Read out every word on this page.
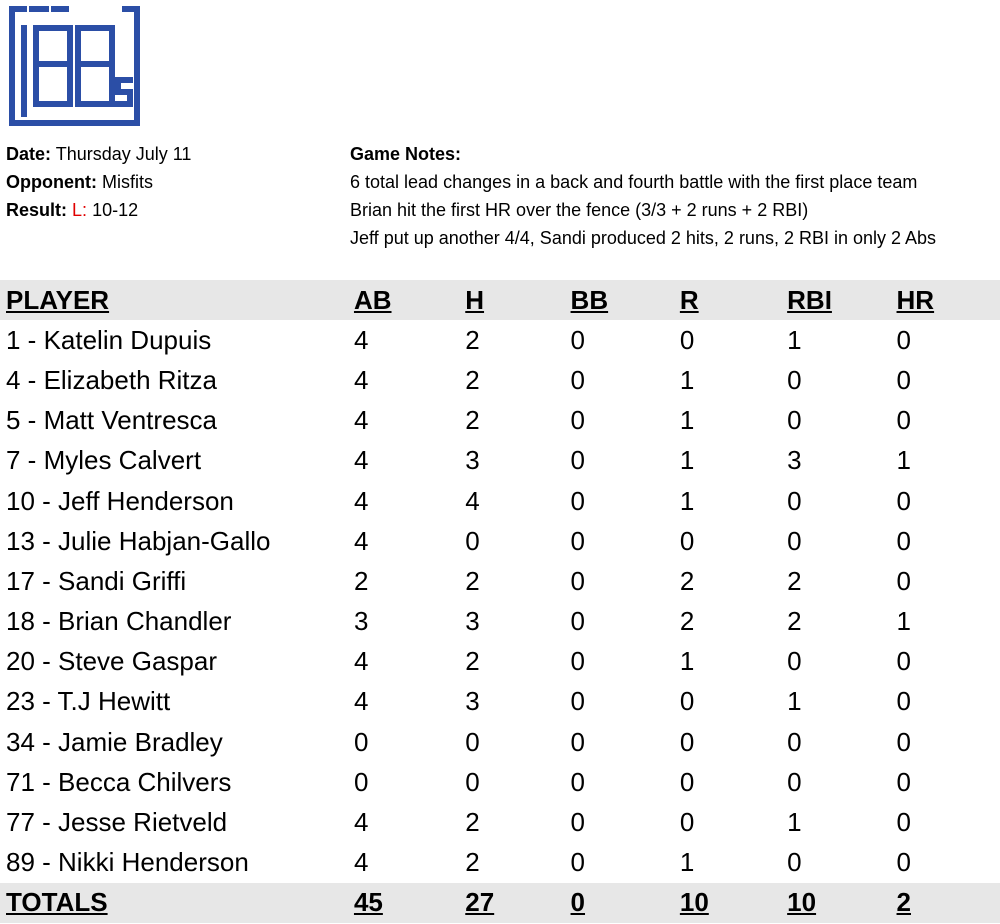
Date: Thursday July 11
Opponent: Misfits
Result: L: 10-12
Game Notes:
6 total lead changes in a back and fourth battle with the first place team
Brian hit the first HR over the fence (3/3 + 2 runs + 2 RBI)
Jeff put up another 4/4, Sandi produced 2 hits, 2 runs, 2 RBI in only 2 Abs
PLAYER	AB	H	BB	R	RBI	HR
1 - Katelin Dupuis	4	2	0	0	1	0
4 - Elizabeth Ritza	4	2	0	1	0	0
5 - Matt Ventresca	4	2	0	1	0	0
7 - Myles Calvert	4	3	0	1	3	1
10 - Jeff Henderson	4	4	0	1	0	0
13 - Julie Habjan-Gallo	4	0	0	0	0	0
17 - Sandi Griffi	2	2	0	2	2	0
18 - Brian Chandler	3	3	0	2	2	1
20 - Steve Gaspar	4	2	0	1	0	0
23 - T.J Hewitt	4	3	0	0	1	0
34 - Jamie Bradley	0	0	0	0	0	0
71 - Becca Chilvers	0	0	0	0	0	0
77 - Jesse Rietveld	4	2	0	0	1	0
89 - Nikki Henderson	4	2	0	1	0	0
TOTALS	45	27	0	10	10	2
